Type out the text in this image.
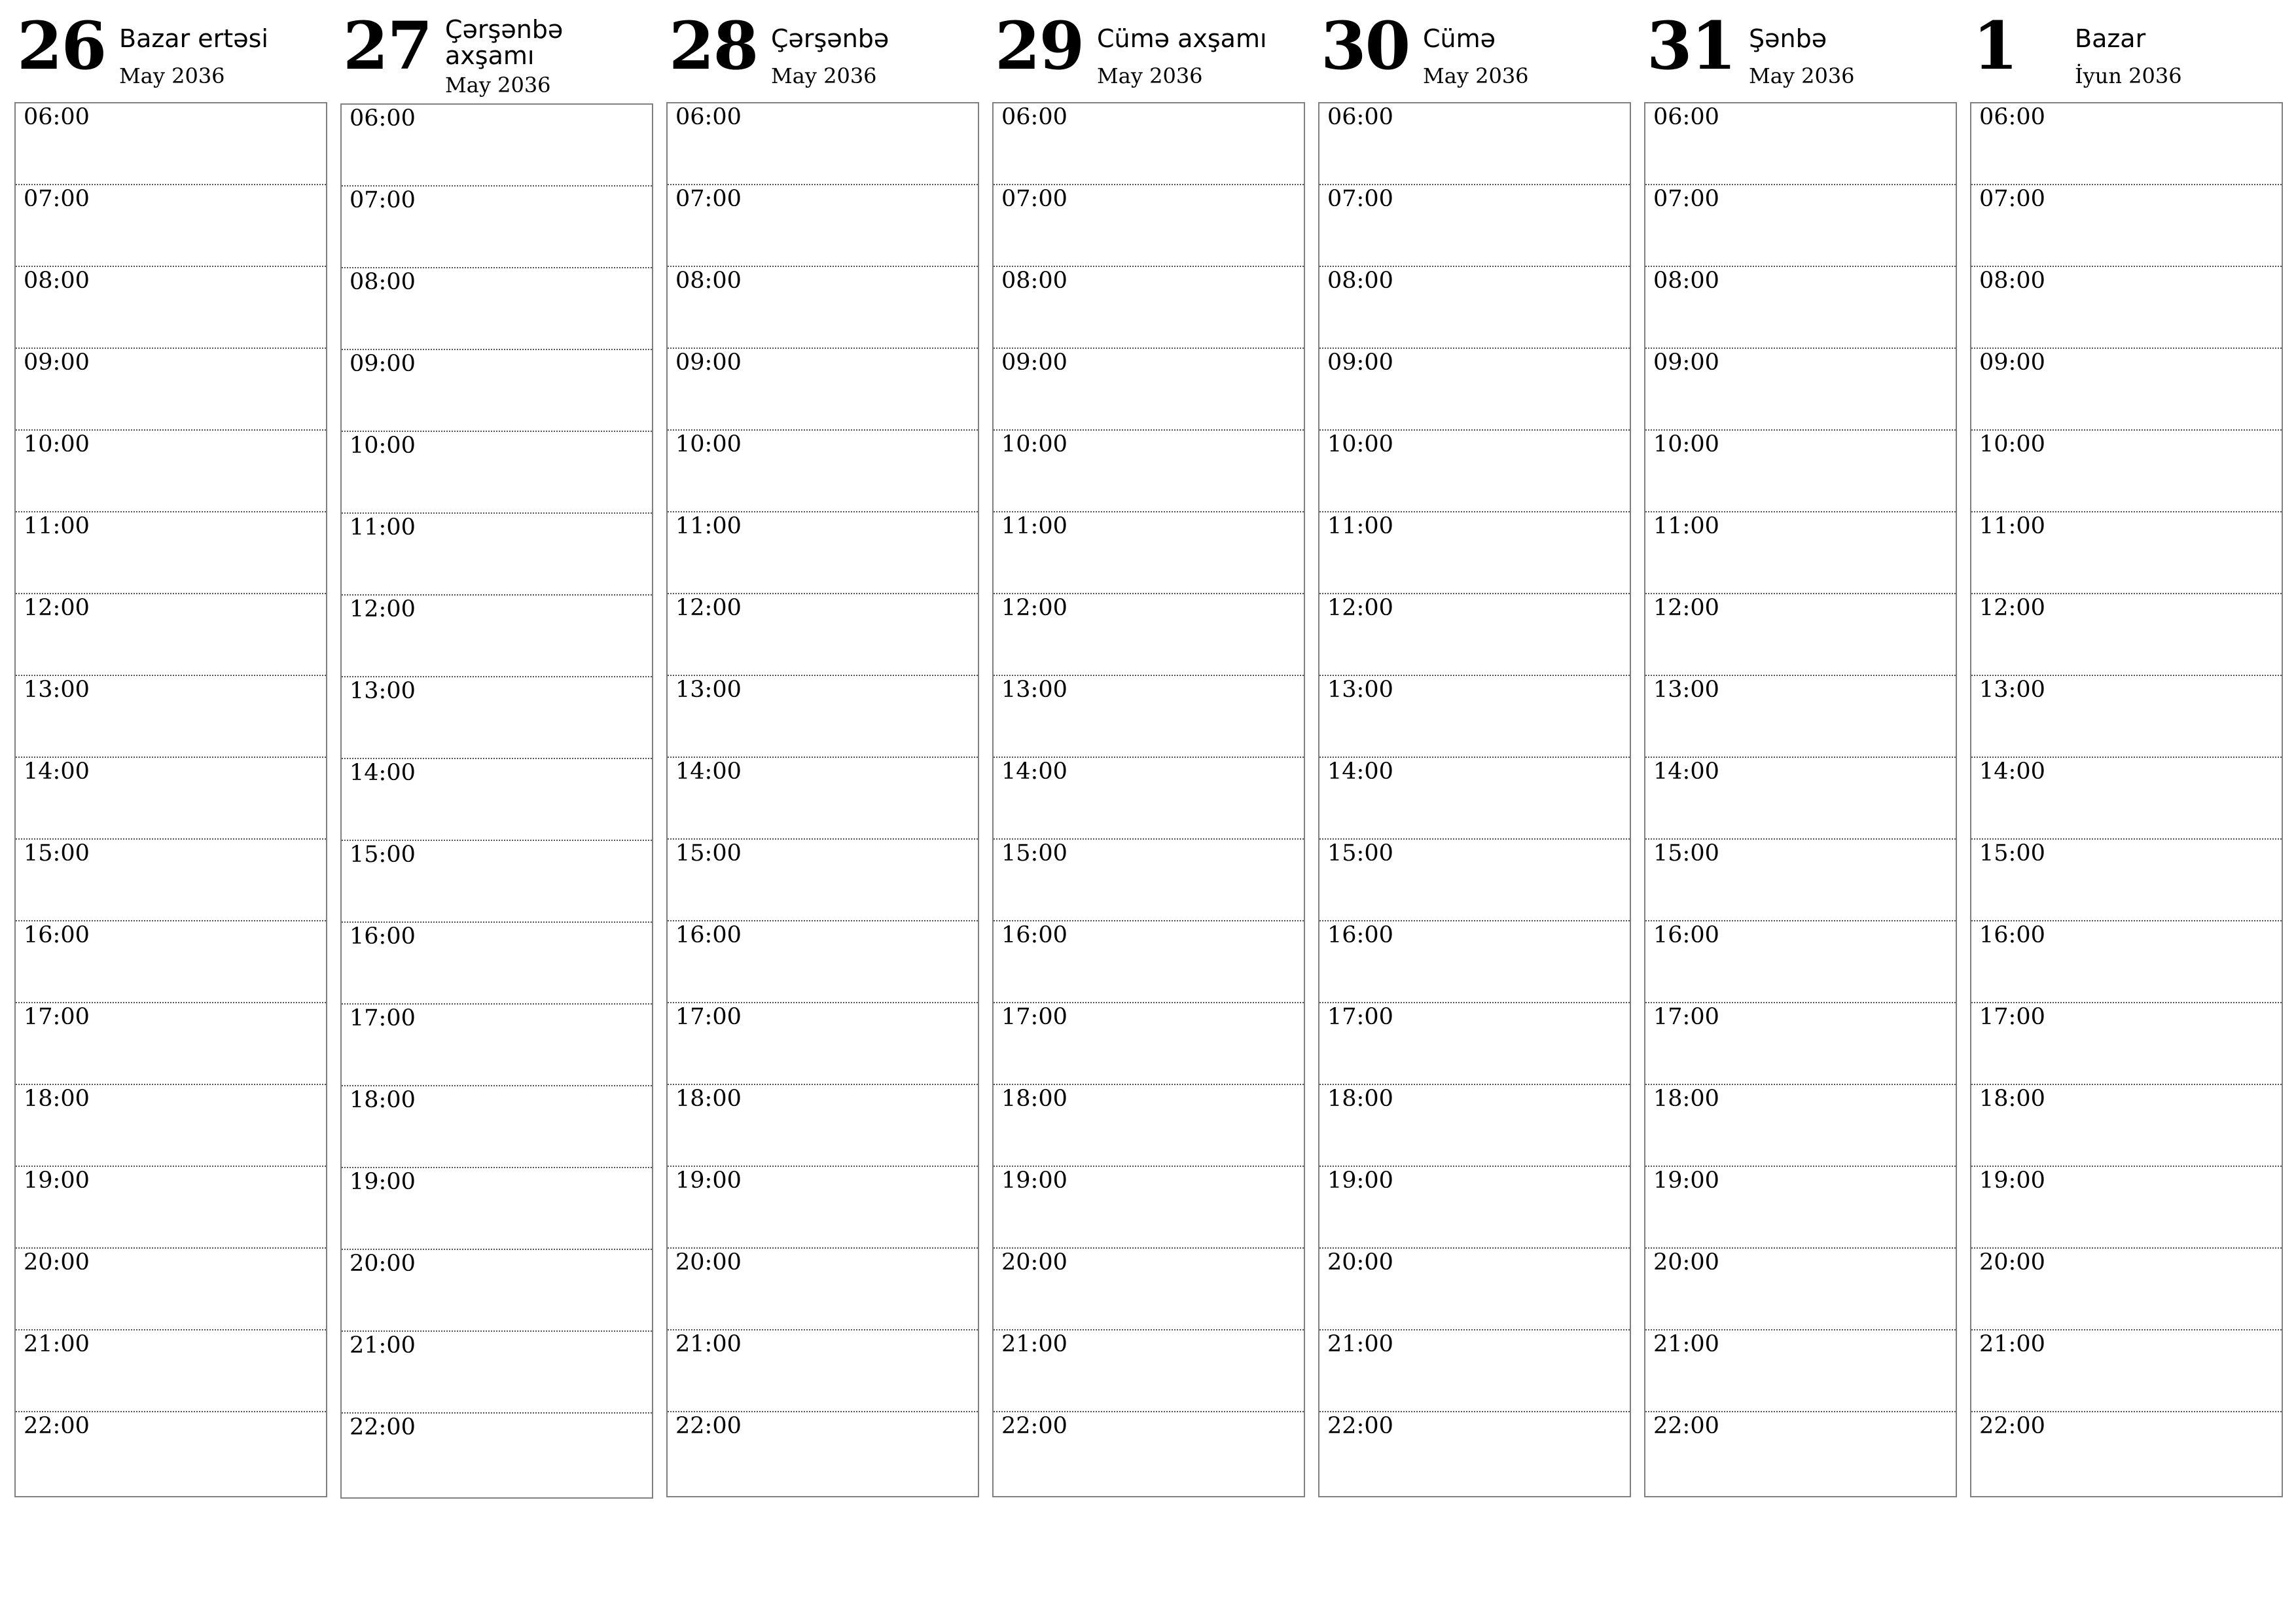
26 Bazar ertəsi
May 2036
06:00
07:00
08:00
09:00
10:00
11:00
12:00
13:00
14:00
15:00
16:00
17:00
18:00
19:00
20:00
21:00
22:00
27 Çərşənbə axşamı
May 2036
06:00
07:00
08:00
09:00
10:00
11:00
12:00
13:00
14:00
15:00
16:00
17:00
18:00
19:00
20:00
21:00
22:00
28 Çərşənbə
May 2036
06:00
07:00
08:00
09:00
10:00
11:00
12:00
13:00
14:00
15:00
16:00
17:00
18:00
19:00
20:00
21:00
22:00
29 Cümə axşamı
May 2036
06:00
07:00
08:00
09:00
10:00
11:00
12:00
13:00
14:00
15:00
16:00
17:00
18:00
19:00
20:00
21:00
22:00
30 Cümə
May 2036
06:00
07:00
08:00
09:00
10:00
11:00
12:00
13:00
14:00
15:00
16:00
17:00
18:00
19:00
20:00
21:00
22:00
31 Şənbə
May 2036
06:00
07:00
08:00
09:00
10:00
11:00
12:00
13:00
14:00
15:00
16:00
17:00
18:00
19:00
20:00
21:00
22:00
1 Bazar
İyun 2036
06:00
07:00
08:00
09:00
10:00
11:00
12:00
13:00
14:00
15:00
16:00
17:00
18:00
19:00
20:00
21:00
22:00
